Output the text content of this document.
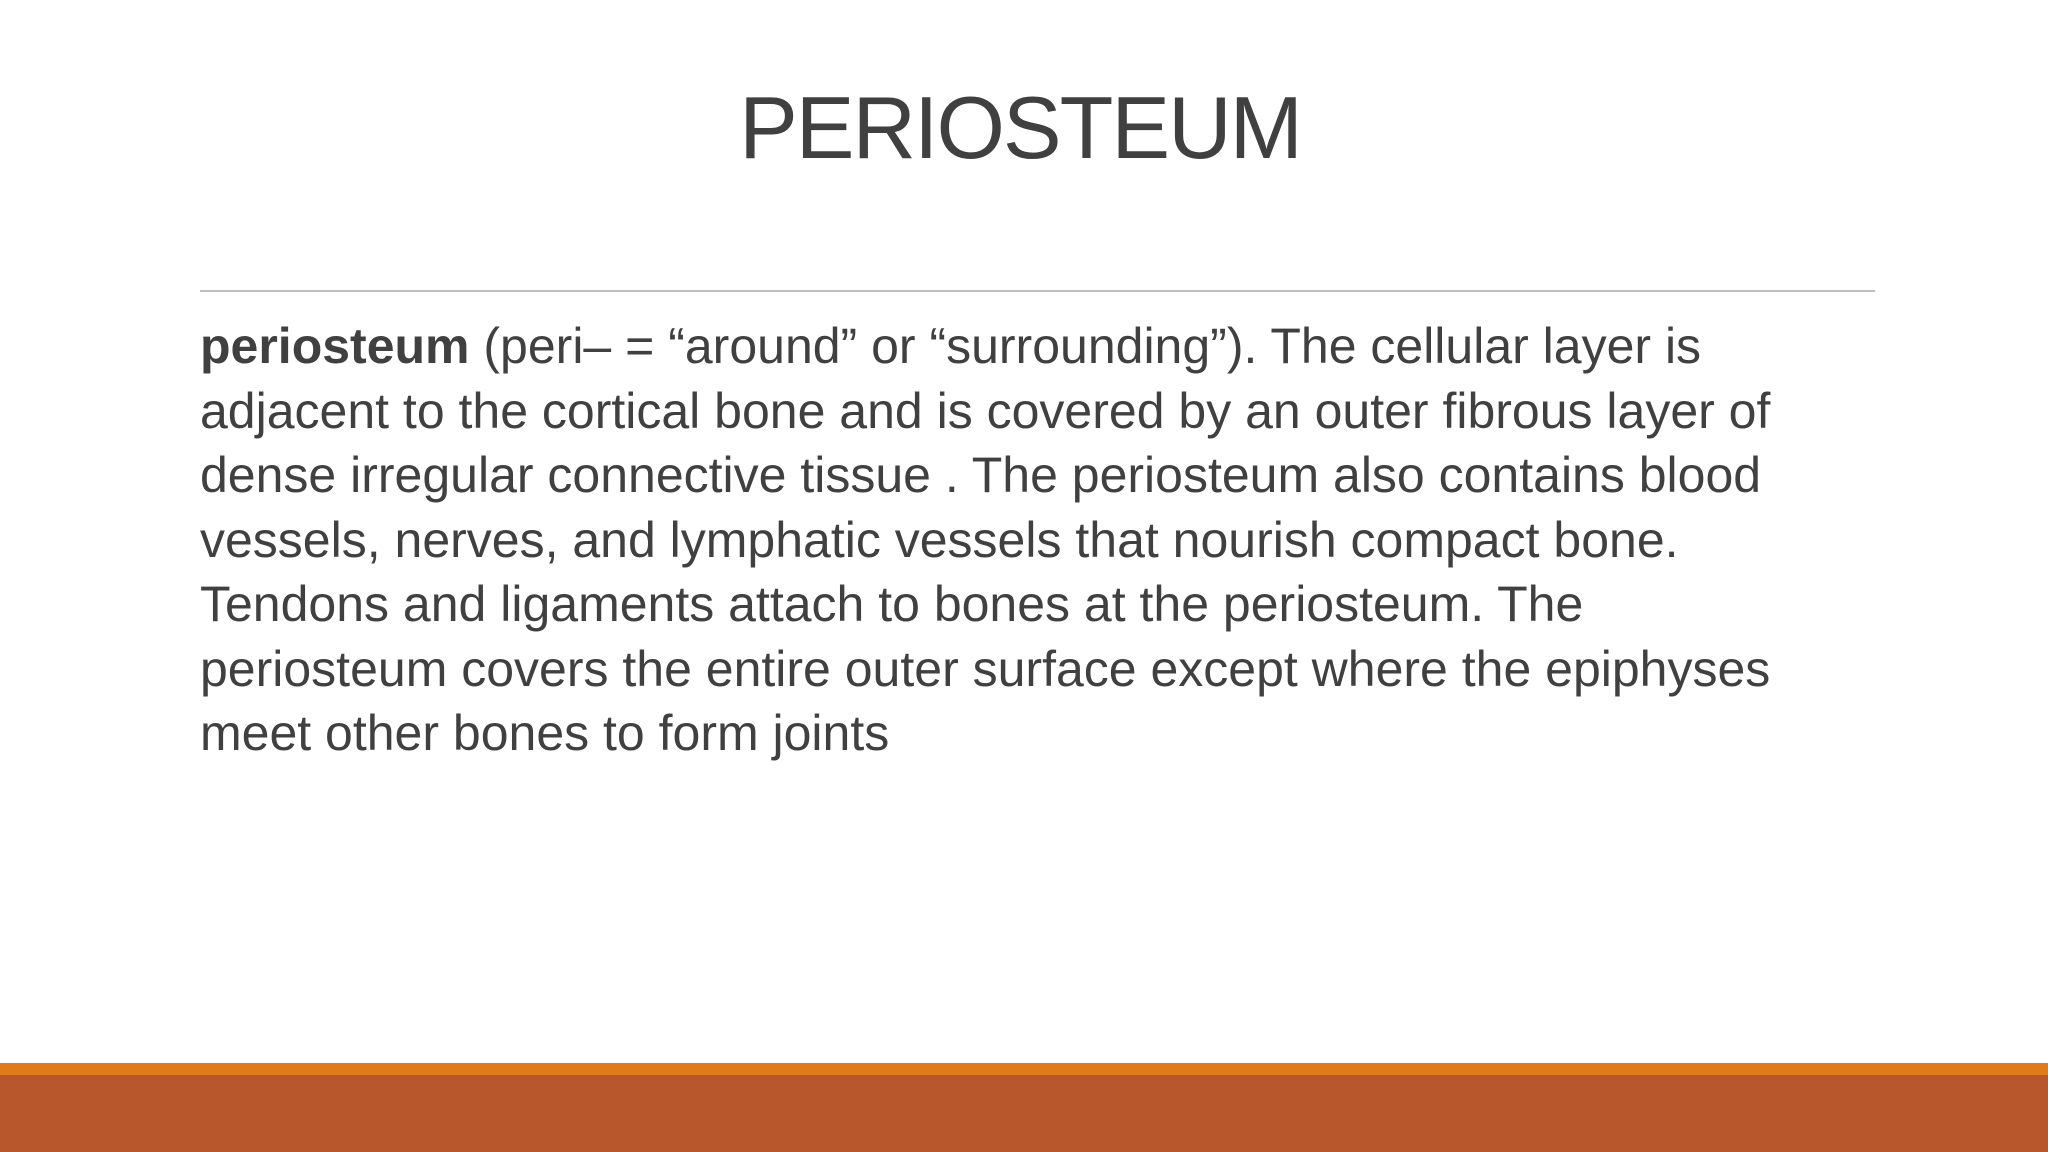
PERIOSTEUM

periosteum (peri– = “around” or “surrounding”). The cellular layer is
adjacent to the cortical bone and is covered by an outer fibrous layer of
dense irregular connective tissue . The periosteum also contains blood
vessels, nerves, and lymphatic vessels that nourish compact bone.
Tendons and ligaments attach to bones at the periosteum. The
periosteum covers the entire outer surface except where the epiphyses
meet other bones to form joints
